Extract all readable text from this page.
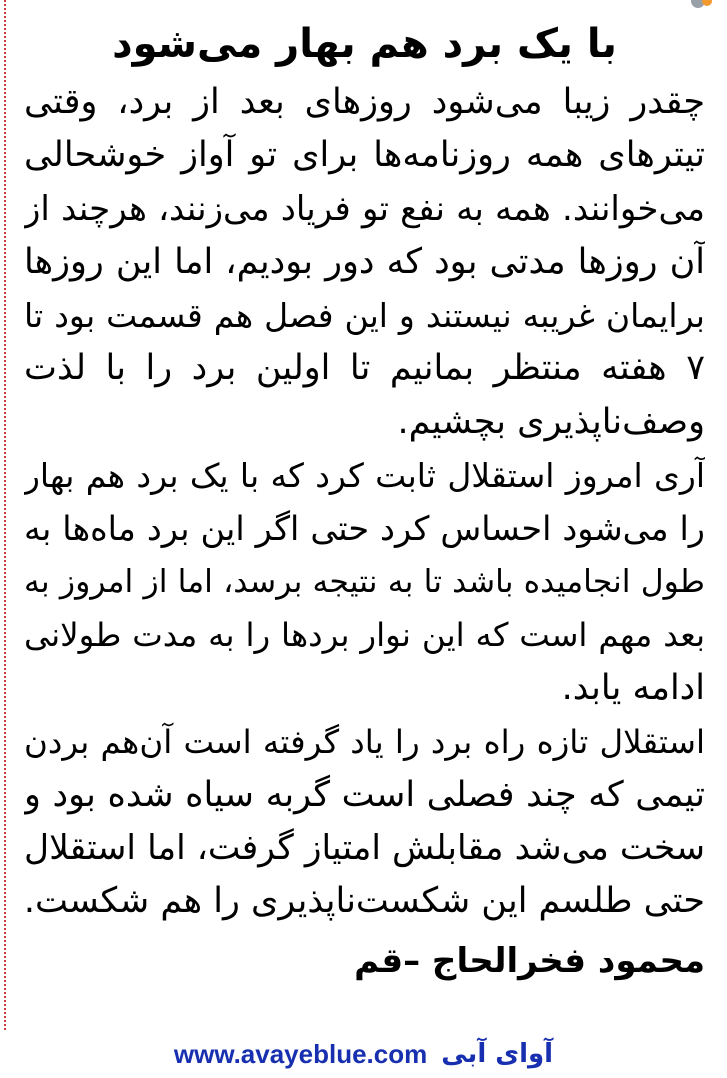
با یک برد هم بهار می‌شود
چقدر زیبا می‌شود روزهای بعد از برد، وقتی
تیترهای همه روزنامه‌ها برای تو آواز خوشحالی
می‌خوانند. همه به نفع تو فریاد می‌زنند، هرچند از
آن روزها مدتی بود که دور بودیم، اما این روزها
برایمان غریبه نیستند و این فصل هم قسمت بود تا
۷ هفته منتظر بمانیم تا اولین برد را با لذت
وصف‌ناپذیری بچشیم.
آری امروز استقلال ثابت کرد که با یک برد هم بهار
را می‌شود احساس کرد حتی اگر این برد ماه‌ها به
طول انجامیده باشد تا به نتیجه برسد، اما از امروز به
بعد مهم است که این نوار بردها را به مدت طولانی
ادامه یابد.
استقلال تازه راه برد را یاد گرفته است آن‌هم بردن
تیمی که چند فصلی است گربه سیاه شده بود و
سخت می‌شد مقابلش امتیاز گرفت، اما استقلال
حتی طلسم این شکست‌ناپذیری را هم شکست.
محمود فخرالحاج –قم
www.avayeblue.com آوای آبی
